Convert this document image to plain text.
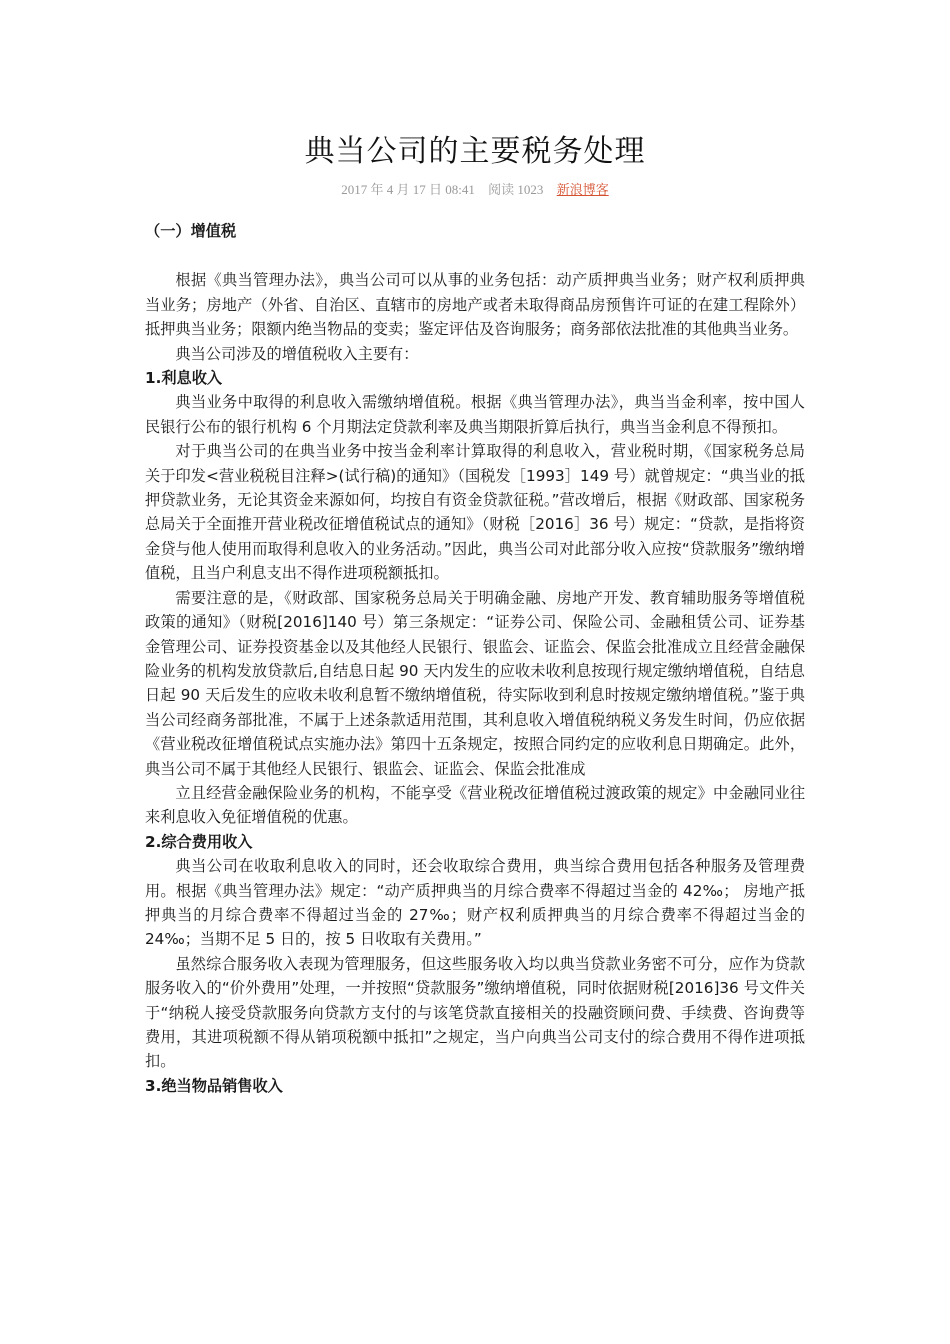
典当公司的主要税务处理
2017 年 4 月 17 日 08:41 阅读 1023 新浪博客

（一）增值税

根据《典当管理办法》，典当公司可以从事的业务包括：动产质押典当业务；财产权利质押典当业务；房地产（外省、自治区、直辖市的房地产或者未取得商品房预售许可证的在建工程除外）抵押典当业务；限额内绝当物品的变卖；鉴定评估及咨询服务；商务部依法批准的其他典当业务。

典当公司涉及的增值税收入主要有：

1.利息收入

典当业务中取得的利息收入需缴纳增值税。根据《典当管理办法》，典当当金利率，按中国人民银行公布的银行机构 6 个月期法定贷款利率及典当期限折算后执行，典当当金利息不得预扣。

对于典当公司的在典当业务中按当金利率计算取得的利息收入，营业税时期，《国家税务总局关于印发<营业税税目注释>(试行稿)的通知》（国税发［1993］149 号）就曾规定：“典当业的抵押贷款业务，无论其资金来源如何，均按自有资金贷款征税。”营改增后，根据《财政部、国家税务总局关于全面推开营业税改征增值税试点的通知》（财税［2016］36 号）规定：“贷款，是指将资金贷与他人使用而取得利息收入的业务活动。”因此，典当公司对此部分收入应按“贷款服务”缴纳增值税，且当户利息支出不得作进项税额抵扣。

需要注意的是，《财政部、国家税务总局关于明确金融、房地产开发、教育辅助服务等增值税政策的通知》（财税[2016]140 号）第三条规定：“证券公司、保险公司、金融租赁公司、证券基金管理公司、证券投资基金以及其他经人民银行、银监会、证监会、保监会批准成立且经营金融保险业务的机构发放贷款后,自结息日起 90 天内发生的应收未收利息按现行规定缴纳增值税，自结息日起 90 天后发生的应收未收利息暂不缴纳增值税，待实际收到利息时按规定缴纳增值税。”鉴于典当公司经商务部批准，不属于上述条款适用范围，其利息收入增值税纳税义务发生时间，仍应依据《营业税改征增值税试点实施办法》第四十五条规定，按照合同约定的应收利息日期确定。此外，典当公司不属于其他经人民银行、银监会、证监会、保监会批准成

立且经营金融保险业务的机构，不能享受《营业税改征增值税过渡政策的规定》中金融同业往来利息收入免征增值税的优惠。

2.综合费用收入

典当公司在收取利息收入的同时，还会收取综合费用，典当综合费用包括各种服务及管理费用。根据《典当管理办法》规定：“动产质押典当的月综合费率不得超过当金的 42‰； 房地产抵押典当的月综合费率不得超过当金的 27‰；财产权利质押典当的月综合费率不得超过当金的 24‰；当期不足 5 日的，按 5 日收取有关费用。”

虽然综合服务收入表现为管理服务，但这些服务收入均以典当贷款业务密不可分，应作为贷款服务收入的“价外费用”处理，一并按照“贷款服务”缴纳增值税，同时依据财税[2016]36 号文件关于“纳税人接受贷款服务向贷款方支付的与该笔贷款直接相关的投融资顾问费、手续费、咨询费等费用，其进项税额不得从销项税额中抵扣”之规定，当户向典当公司支付的综合费用不得作进项抵扣。

3.绝当物品销售收入
